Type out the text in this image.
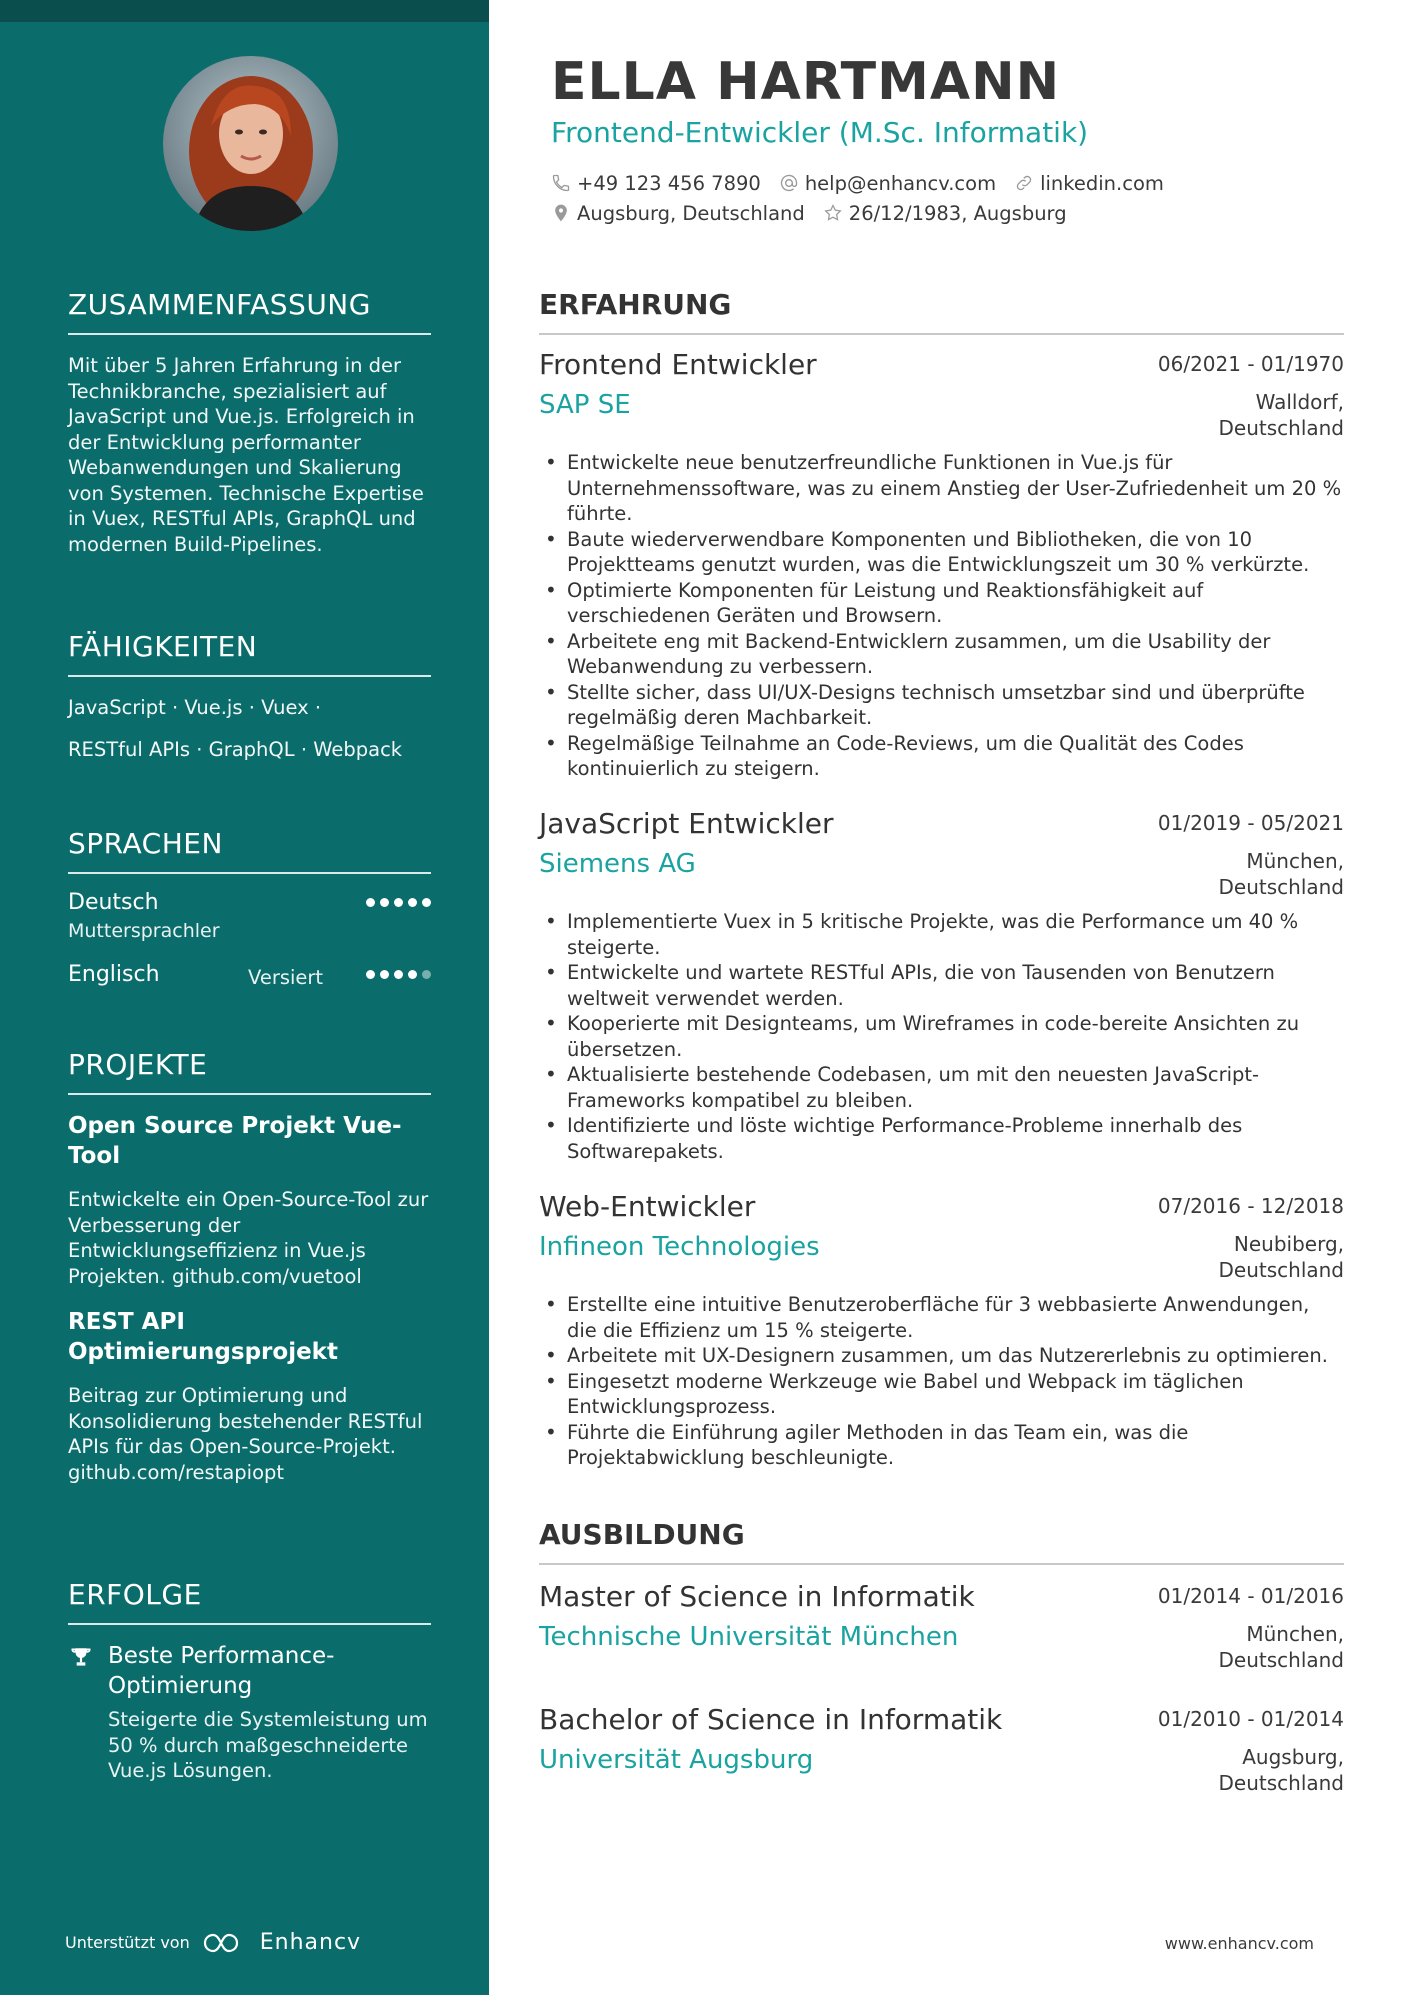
ZUSAMMENFASSUNG

Mit über 5 Jahren Erfahrung in der Technikbranche, spezialisiert auf JavaScript und Vue.js. Erfolgreich in der Entwicklung performanter Webanwendungen und Skalierung von Systemen. Technische Expertise in Vuex, RESTful APIs, GraphQL und modernen Build-Pipelines.

FÄHIGKEITEN
JavaScript · Vue.js · Vuex ·
RESTful APIs · GraphQL · Webpack
SPRACHEN
Deutsch
Muttersprachler
Englisch	Versiert
PROJEKTE
Open Source Projekt Vue-Tool
Entwickelte ein Open-Source-Tool zur Verbesserung der Entwicklungseffizienz in Vue.js Projekten. github.com/vuetool
REST API Optimierungsprojekt
Beitrag zur Optimierung und Konsolidierung bestehender RESTful APIs für das Open-Source-Projekt. github.com/restapiopt
ERFOLGE
Beste Performance-Optimierung
Steigerte die Systemleistung um 50 % durch maßgeschneiderte Vue.js Lösungen.
Unterstützt von	Enhancv
ELLA HARTMANN
Frontend-Entwickler (M.Sc. Informatik)
+49 123 456 7890 help@enhancv.com linkedin.com
Augsburg, Deutschland 26/12/1983, Augsburg
ERFAHRUNG
Frontend Entwickler	06/2021 - 01/1970
SAP SE	Walldorf,
Deutschland
• Entwickelte neue benutzerfreundliche Funktionen in Vue.js für Unternehmenssoftware, was zu einem Anstieg der User-Zufriedenheit um 20 % führte.
• Baute wiederverwendbare Komponenten und Bibliotheken, die von 10 Projektteams genutzt wurden, was die Entwicklungszeit um 30 % verkürzte.
• Optimierte Komponenten für Leistung und Reaktionsfähigkeit auf verschiedenen Geräten und Browsern.
• Arbeitete eng mit Backend-Entwicklern zusammen, um die Usability der Webanwendung zu verbessern.
• Stellte sicher, dass UI/UX-Designs technisch umsetzbar sind und überprüfte regelmäßig deren Machbarkeit.
• Regelmäßige Teilnahme an Code-Reviews, um die Qualität des Codes kontinuierlich zu steigern.
JavaScript Entwickler	01/2019 - 05/2021
Siemens AG	München,
Deutschland
• Implementierte Vuex in 5 kritische Projekte, was die Performance um 40 % steigerte.
• Entwickelte und wartete RESTful APIs, die von Tausenden von Benutzern weltweit verwendet werden.
• Kooperierte mit Designteams, um Wireframes in code-bereite Ansichten zu übersetzen.
• Aktualisierte bestehende Codebasen, um mit den neuesten JavaScript-Frameworks kompatibel zu bleiben.
• Identifizierte und löste wichtige Performance-Probleme innerhalb des Softwarepakets.
Web-Entwickler	07/2016 - 12/2018
Infineon Technologies	Neubiberg,
Deutschland
• Erstellte eine intuitive Benutzeroberfläche für 3 webbasierte Anwendungen, die die Effizienz um 15 % steigerte.
• Arbeitete mit UX-Designern zusammen, um das Nutzererlebnis zu optimieren.
• Eingesetzt moderne Werkzeuge wie Babel und Webpack im täglichen Entwicklungsprozess.
• Führte die Einführung agiler Methoden in das Team ein, was die Projektabwicklung beschleunigte.
AUSBILDUNG
Master of Science in Informatik	01/2014 - 01/2016
Technische Universität München	München,
Deutschland
Bachelor of Science in Informatik	01/2010 - 01/2014
Universität Augsburg	Augsburg,
Deutschland
www.enhancv.com
